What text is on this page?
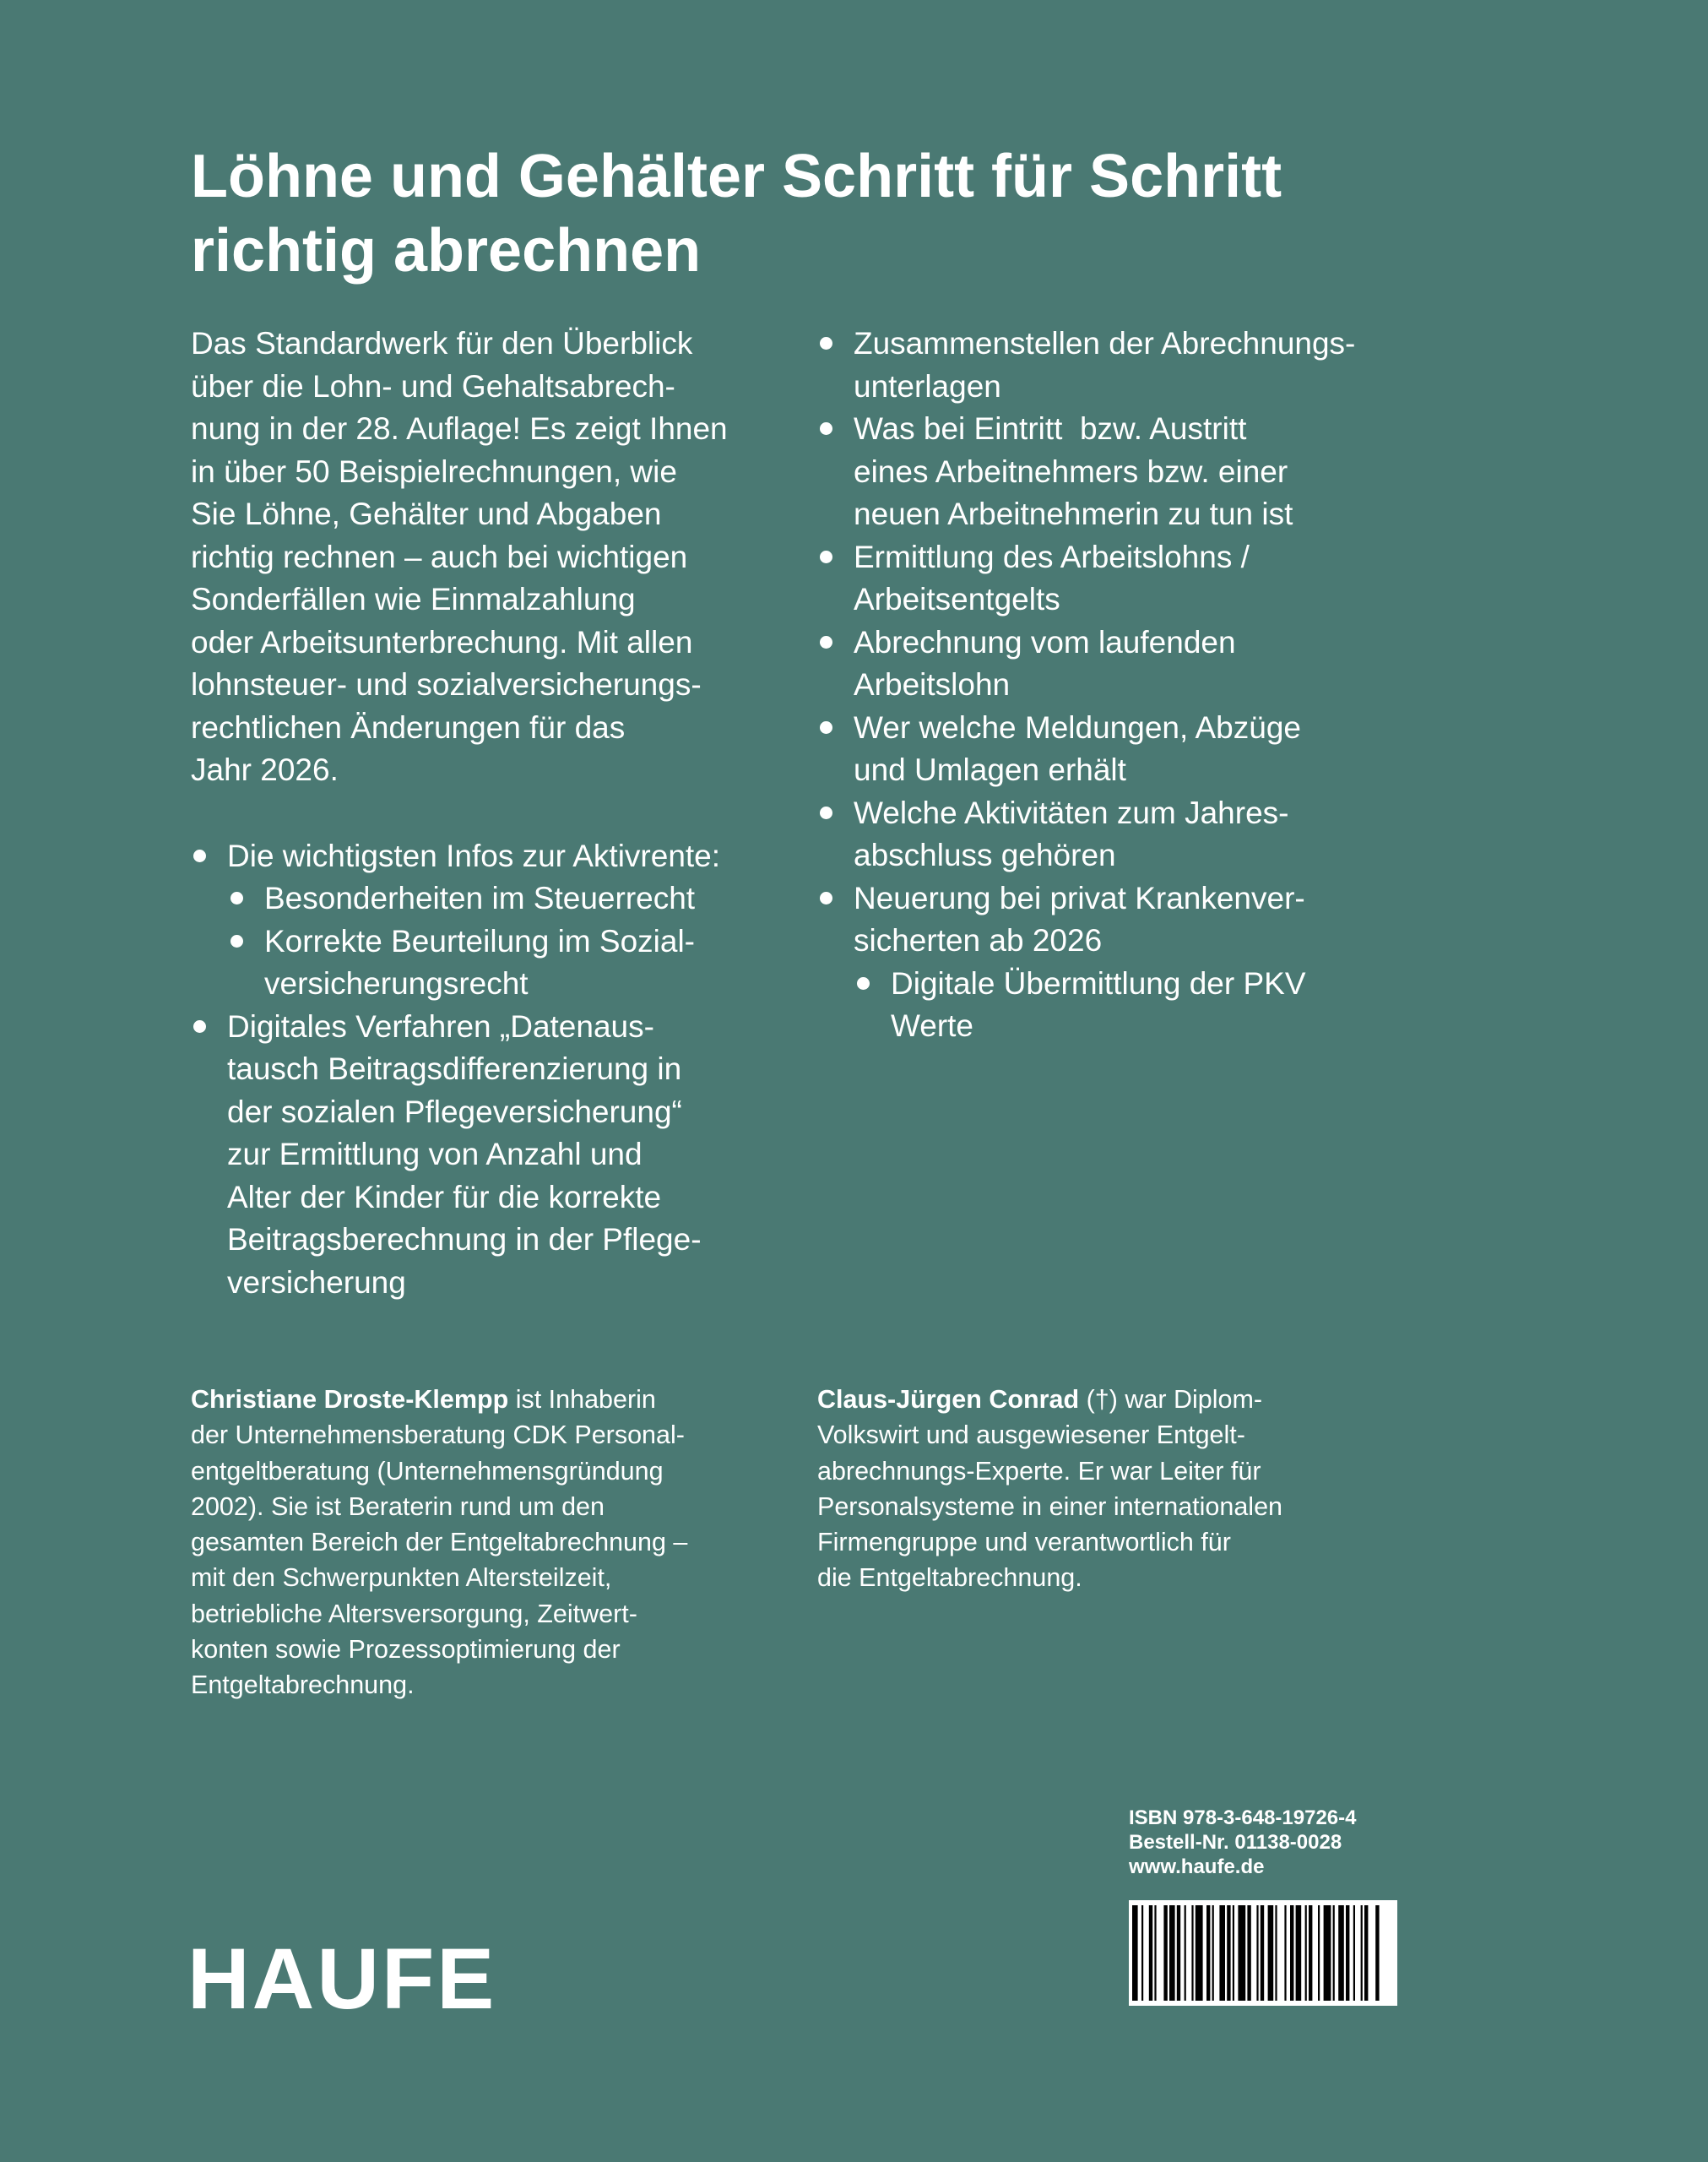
Löhne und Gehälter Schritt für Schritt
richtig abrechnen
Das Standardwerk für den Überblick
über die Lohn- und Gehaltsabrech-
nung in der 28. Auflage! Es zeigt Ihnen
in über 50 Beispielrechnungen, wie
Sie Löhne, Gehälter und Abgaben
richtig rechnen – auch bei wichtigen
Sonderfällen wie Einmalzahlung
oder Arbeitsunterbrechung. Mit allen
lohnsteuer- und sozialversicherungs-
rechtlichen Änderungen für das
Jahr 2026.
Die wichtigsten Infos zur Aktivrente:
Besonderheiten im Steuerrecht
Korrekte Beurteilung im Sozial-
versicherungsrecht
Digitales Verfahren „Datenaus-
tausch Beitragsdifferenzierung in
der sozialen Pflegeversicherung“
zur Ermittlung von Anzahl und
Alter der Kinder für die korrekte
Beitragsberechnung in der Pflege-
versicherung
Zusammenstellen der Abrechnungs-
unterlagen
Was bei Eintritt  bzw. Austritt
eines Arbeitnehmers bzw. einer
neuen Arbeitnehmerin zu tun ist
Ermittlung des Arbeitslohns /
Arbeitsentgelts
Abrechnung vom laufenden
Arbeitslohn
Wer welche Meldungen, Abzüge
und Umlagen erhält
Welche Aktivitäten zum Jahres-
abschluss gehören
Neuerung bei privat Krankenver-
sicherten ab 2026
Digitale Übermittlung der PKV
Werte
Christiane Droste-Klempp ist Inhaberin
der Unternehmensberatung CDK Personal-
entgeltberatung (Unternehmensgründung
2002). Sie ist Beraterin rund um den
gesamten Bereich der Entgeltabrechnung –
mit den Schwerpunkten Altersteilzeit,
betriebliche Altersversorgung, Zeitwert-
konten sowie Prozessoptimierung der
Entgeltabrechnung.
Claus-Jürgen Conrad (†) war Diplom-
Volkswirt und ausgewiesener Entgelt-
abrechnungs-Experte. Er war Leiter für
Personalsysteme in einer internationalen
Firmengruppe und verantwortlich für
die Entgeltabrechnung.
ISBN 978-3-648-19726-4
Bestell-Nr. 01138-0028
www.haufe.de
HAUFE
